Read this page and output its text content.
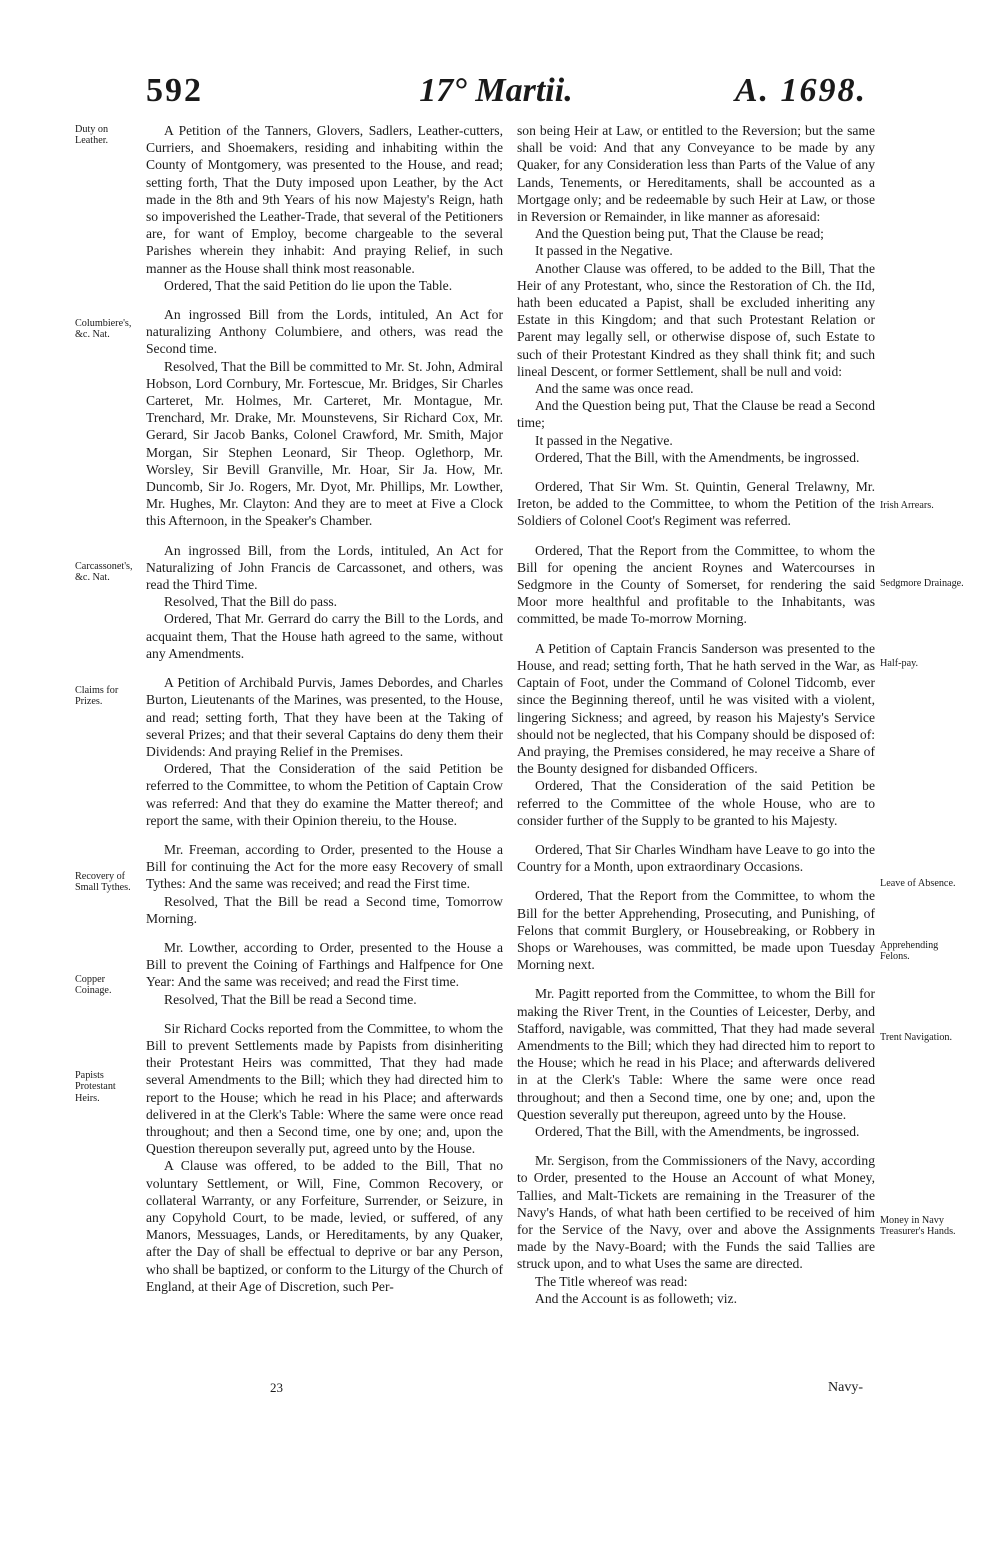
592	17° Martii.	A. 1698.
Duty on Leather.
Columbiere's, &c. Nat.
Carcassonet's, &c. Nat.
Claims for Prizes.
Recovery of Small Tythes.
Copper Coinage.
Papists Protestant Heirs.
Irish Arrears.
Sedgmore Drainage.
Half-pay.
Leave of Absence.
Apprehending Felons.
Trent Navigation.
Money in Navy Treasurer's Hands.

A Petition of the Tanners, Glovers, Sadlers, Leather-cutters, Curriers, and Shoemakers, residing and inhabiting within the County of Montgomery, was presented to the House, and read; setting forth, That the Duty imposed upon Leather, by the Act made in the 8th and 9th Years of his now Majesty's Reign, hath so impoverished the Leather-Trade, that several of the Petitioners are, for want of Employ, become chargeable to the several Parishes wherein they inhabit: And praying Relief, in such manner as the House shall think most reasonable.

Ordered, That the said Petition do lie upon the Table.

An ingrossed Bill from the Lords, intituled, An Act for naturalizing Anthony Columbiere, and others, was read the Second time.

Resolved, That the Bill be committed to Mr. St. John, Admiral Hobson, Lord Cornbury, Mr. Fortescue, Mr. Bridges, Sir Charles Carteret, Mr. Holmes, Mr. Carteret, Mr. Montague, Mr. Trenchard, Mr. Drake, Mr. Mounstevens, Sir Richard Cox, Mr. Gerard, Sir Jacob Banks, Colonel Crawford, Mr. Smith, Major Morgan, Sir Stephen Leonard, Sir Theop. Oglethorp, Mr. Worsley, Sir Bevill Granville, Mr. Hoar, Sir Ja. How, Mr. Duncomb, Sir Jo. Rogers, Mr. Dyot, Mr. Phillips, Mr. Lowther, Mr. Hughes, Mr. Clayton: And they are to meet at Five a Clock this Afternoon, in the Speaker's Chamber.

An ingrossed Bill, from the Lords, intituled, An Act for Naturalizing of John Francis de Carcassonet, and others, was read the Third Time.

Resolved, That the Bill do pass.

Ordered, That Mr. Gerrard do carry the Bill to the Lords, and acquaint them, That the House hath agreed to the same, without any Amendments.

A Petition of Archibald Purvis, James Debordes, and Charles Burton, Lieutenants of the Marines, was presented, to the House, and read; setting forth, That they have been at the Taking of several Prizes; and that their several Captains do deny them their Dividends: And praying Relief in the Premises.

Ordered, That the Consideration of the said Petition be referred to the Committee, to whom the Petition of Captain Crow was referred: And that they do examine the Matter thereof; and report the same, with their Opinion thereiu, to the House.

Mr. Freeman, according to Order, presented to the House a Bill for continuing the Act for the more easy Recovery of small Tythes: And the same was received; and read the First time.

Resolved, That the Bill be read a Second time, Tomorrow Morning.

Mr. Lowther, according to Order, presented to the House a Bill to prevent the Coining of Farthings and Halfpence for One Year: And the same was received; and read the First time.

Resolved, That the Bill be read a Second time.

Sir Richard Cocks reported from the Committee, to whom the Bill to prevent Settlements made by Papists from disinheriting their Protestant Heirs was committed, That they had made several Amendments to the Bill; which they had directed him to report to the House; which he read in his Place; and afterwards delivered in at the Clerk's Table: Where the same were once read throughout; and then a Second time, one by one; and, upon the Question thereupon severally put, agreed unto by the House.

A Clause was offered, to be added to the Bill, That no voluntary Settlement, or Will, Fine, Common Recovery, or collateral Warranty, or any Forfeiture, Surrender, or Seizure, in any Copyhold Court, to be made, levied, or suffered, of any Manors, Messuages, Lands, or Hereditaments, by any Quaker, after the Day of shall be effectual to deprive or bar any Person, who shall be baptized, or conform to the Liturgy of the Church of England, at their Age of Discretion, such Per-

son being Heir at Law, or entitled to the Reversion; but the same shall be void: And that any Conveyance to be made by any Quaker, for any Consideration less than Parts of the Value of any Lands, Tenements, or Hereditaments, shall be accounted as a Mortgage only; and be redeemable by such Heir at Law, or those in Reversion or Remainder, in like manner as aforesaid:

And the Question being put, That the Clause be read;

It passed in the Negative.

Another Clause was offered, to be added to the Bill, That the Heir of any Protestant, who, since the Restoration of Ch. the IId, hath been educated a Papist, shall be excluded inheriting any Estate in this Kingdom; and that such Protestant Relation or Parent may legally sell, or otherwise dispose of, such Estate to such of their Protestant Kindred as they shall think fit; and such lineal Descent, or former Settlement, shall be null and void:

And the same was once read.

And the Question being put, That the Clause be read a Second time;

It passed in the Negative.

Ordered, That the Bill, with the Amendments, be ingrossed.

Ordered, That Sir Wm. St. Quintin, General Trelawny, Mr. Ireton, be added to the Committee, to whom the Petition of the Soldiers of Colonel Coot's Regiment was referred.

Ordered, That the Report from the Committee, to whom the Bill for opening the ancient Roynes and Watercourses in Sedgmore in the County of Somerset, for rendering the said Moor more healthful and profitable to the Inhabitants, was committed, be made To-morrow Morning.

A Petition of Captain Francis Sanderson was presented to the House, and read; setting forth, That he hath served in the War, as Captain of Foot, under the Command of Colonel Tidcomb, ever since the Beginning thereof, until he was visited with a violent, lingering Sickness; and agreed, by reason his Majesty's Service should not be neglected, that his Company should be disposed of: And praying, the Premises considered, he may receive a Share of the Bounty designed for disbanded Officers.

Ordered, That the Consideration of the said Petition be referred to the Committee of the whole House, who are to consider further of the Supply to be granted to his Majesty.

Ordered, That Sir Charles Windham have Leave to go into the Country for a Month, upon extraordinary Occasions.

Ordered, That the Report from the Committee, to whom the Bill for the better Apprehending, Prosecuting, and Punishing, of Felons that commit Burglery, or Housebreaking, or Robbery in Shops or Warehouses, was committed, be made upon Tuesday Morning next.

Mr. Pagitt reported from the Committee, to whom the Bill for making the River Trent, in the Counties of Leicester, Derby, and Stafford, navigable, was committed, That they had made several Amendments to the Bill; which they had directed him to report to the House; which he read in his Place; and afterwards delivered in at the Clerk's Table: Where the same were once read throughout; and then a Second time, one by one; and, upon the Question severally put thereupon, agreed unto by the House.

Ordered, That the Bill, with the Amendments, be ingrossed.

Mr. Sergison, from the Commissioners of the Navy, according to Order, presented to the House an Account of what Money, Tallies, and Malt-Tickets are remaining in the Treasurer of the Navy's Hands, of what hath been certified to be received of him for the Service of the Navy, over and above the Assignments made by the Navy-Board; with the Funds the said Tallies are struck upon, and to what Uses the same are directed.

The Title whereof was read:

And the Account is as followeth; viz.

23	Navy-
